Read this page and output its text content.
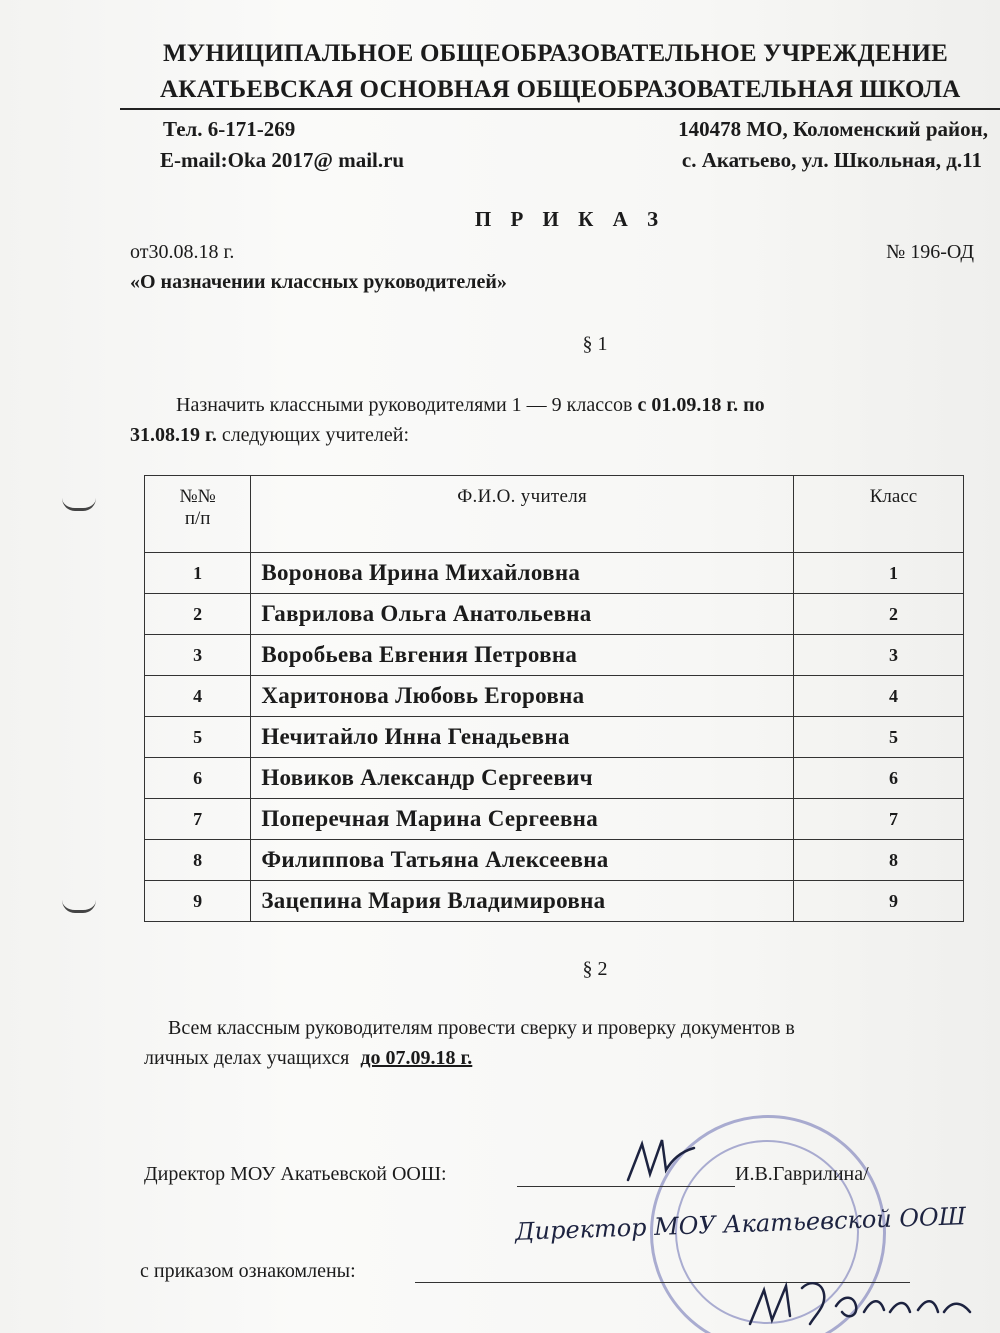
МУНИЦИПАЛЬНОЕ ОБЩЕОБРАЗОВАТЕЛЬНОЕ УЧРЕЖДЕНИЕ
АКАТЬЕВСКАЯ ОСНОВНАЯ ОБЩЕОБРАЗОВАТЕЛЬНАЯ ШКОЛА
Тел. 6-171-269
E-mail:Oka 2017@ mail.ru
140478 МО, Коломенский район,
с. Акатьево, ул. Школьная, д.11
П Р И К А З
от30.08.18 г.	№ 196-ОД
«О назначении классных руководителей»
§ 1
Назначить классными руководителями 1 — 9 классов с 01.09.18 г. по
31.08.19 г. следующих учителей:
№№
п/п	Ф.И.О. учителя	Класс
1	Воронова Ирина Михайловна	1
2	Гаврилова Ольга Анатольевна	2
3	Воробьева Евгения Петровна	3
4	Харитонова Любовь Егоровна	4
5	Нечитайло Инна Генадьевна	5
6	Новиков Александр Сергеевич	6
7	Поперечная Марина Сергеевна	7
8	Филиппова Татьяна Алексеевна	8
9	Зацепина Мария Владимировна	9
§ 2
Всем классным руководителям провести сверку и проверку документов в
личных делах учащихся до 07.09.18 г.
Директор МОУ Акатьевской ООШ:	И.В.Гаврилина/
Директор МОУ Акатьевской ООШ
с приказом ознакомлены:
